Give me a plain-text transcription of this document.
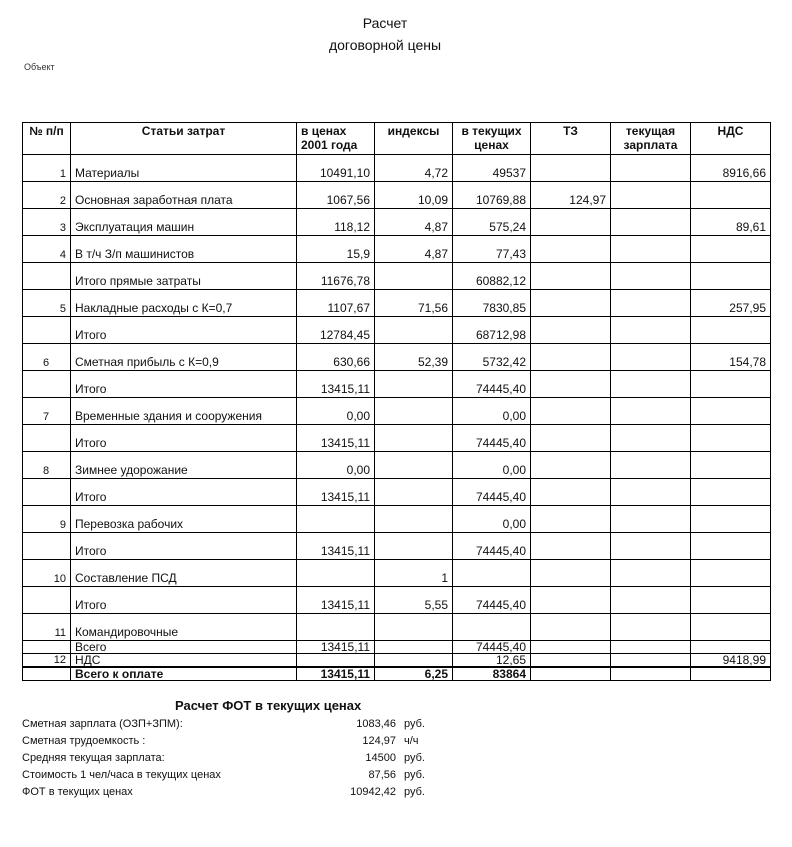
Расчет
договорной цены
Объект
№ п/п	Статьи затрат	в ценах 2001 года	индексы	в текущих ценах	ТЗ	текущая зарплата	НДС
1	Материалы	10491,10	4,72	49537			8916,66
2	Основная заработная плата	1067,56	10,09	10769,88	124,97		
3	Эксплуатация машин	118,12	4,87	575,24			89,61
4	В т/ч З/п машинистов	15,9	4,87	77,43			
	Итого прямые затраты	11676,78		60882,12			
5	Накладные расходы с К=0,7	1107,67	71,56	7830,85			257,95
	Итого	12784,45		68712,98			
6	Сметная прибыль с К=0,9	630,66	52,39	5732,42			154,78
	Итого	13415,11		74445,40			
7	Временные здания и сооружения	0,00		0,00			
	Итого	13415,11		74445,40			
8	Зимнее удорожание	0,00		0,00			
	Итого	13415,11		74445,40			
9	Перевозка рабочих			0,00			
	Итого	13415,11		74445,40			
10	Составление ПСД		1				
	Итого	13415,11	5,55	74445,40			
11	Командировочные						
	Всего	13415,11		74445,40			
12	НДС			12,65			9418,99
	Всего к оплате	13415,11	6,25	83864			
Расчет ФОТ в текущих ценах
Сметная зарплата (ОЗП+ЗПМ):	1083,46	руб.
Сметная трудоемкость :	124,97	ч/ч
Средняя текущая зарплата:	14500	руб.
Стоимость 1 чел/часа в текущих ценах	87,56	руб.
ФОТ в текущих ценах	10942,42	руб.
